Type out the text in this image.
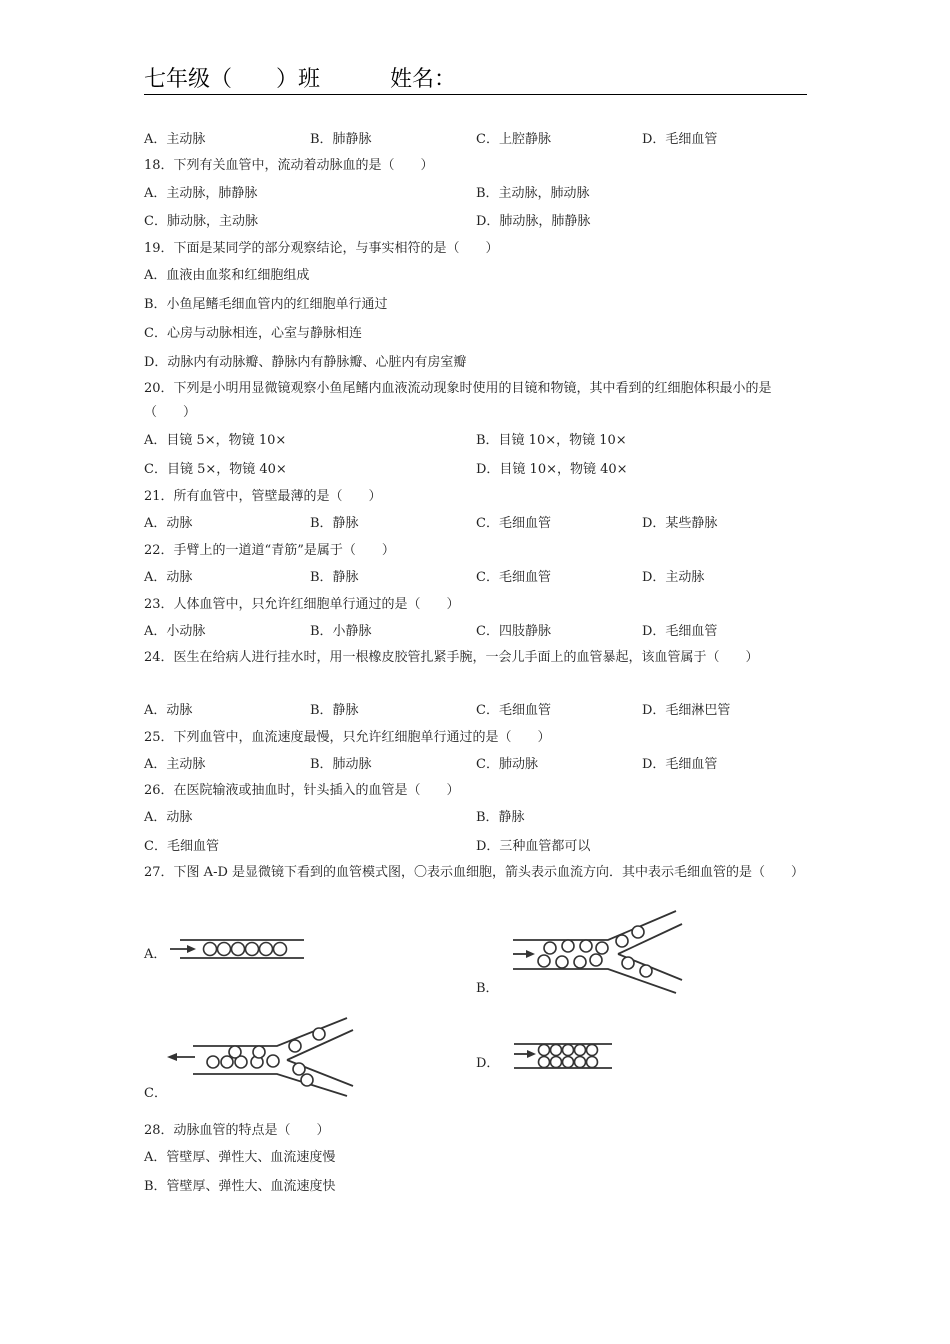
七年级（　　）班	姓名：
A．主动脉	B．肺静脉	C．上腔静脉	D．毛细血管
18．下列有关血管中，流动着动脉血的是（　　）
A．主动脉，肺静脉	B．主动脉，肺动脉
C．肺动脉，主动脉	D．肺动脉，肺静脉
19．下面是某同学的部分观察结论，与事实相符的是（　　）
A．血液由血浆和红细胞组成
B．小鱼尾鳍毛细血管内的红细胞单行通过
C．心房与动脉相连，心室与静脉相连
D．动脉内有动脉瓣、静脉内有静脉瓣、心脏内有房室瓣
20．下列是小明用显微镜观察小鱼尾鳍内血液流动现象时使用的目镜和物镜，其中看到的红细胞体积最小的是（　　）
A．目镜 5×，物镜 10×	B．目镜 10×，物镜 10×
C．目镜 5×，物镜 40×	D．目镜 10×，物镜 40×
21．所有血管中，管壁最薄的是（　　）
A．动脉	B．静脉	C．毛细血管	D．某些静脉
22．手臂上的一道道“青筋”是属于（　　）
A．动脉	B．静脉	C．毛细血管	D．主动脉
23．人体血管中，只允许红细胞单行通过的是（　　）
A．小动脉	B．小静脉	C．四肢静脉	D．毛细血管
24．医生在给病人进行挂水时，用一根橡皮胶管扎紧手腕，一会儿手面上的血管暴起，该血管属于（　　）
A．动脉	B．静脉	C．毛细血管	D．毛细淋巴管
25．下列血管中，血流速度最慢，只允许红细胞单行通过的是（　　）
A．主动脉	B．肺动脉	C．肺动脉	D．毛细血管
26．在医院输液或抽血时，针头插入的血管是（　　）
A．动脉	B．静脉
C．毛细血管	D．三种血管都可以
27．下图 A-D 是显微镜下看到的血管模式图，〇表示血细胞，箭头表示血流方向．其中表示毛细血管的是（　　）
A．
B．
C．
D．
28．动脉血管的特点是（　　）
A．管壁厚、弹性大、血流速度慢
B．管壁厚、弹性大、血流速度快
